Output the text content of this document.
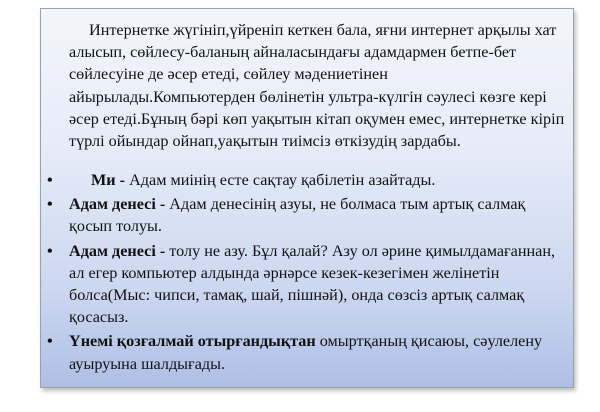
Интернетке жүгініп,үйреніп кеткен бала, яғни интернет арқылы хат алысып, сөйлесу-баланың айналасындағы адамдармен бетпе-бет сөйлесуіне де әсер етеді, сөйлеу мәдениетінен айырылады.Компьютерден бөлінетін ультра-күлгін сәулесі көзге кері әсер етеді.Бұның бәрі көп уақытын кітап оқумен емес, интернетке кіріп түрлі ойындар ойнап,уақытын тиімсіз өткізудің зардабы.

• Ми - Адам миінің есте сақтау қабілетін азайтады.
• Адам денесі - Адам денесінің азуы, не болмаса тым артық салмақ қосып толуы.
• Адам денесі - толу не азу. Бұл қалай? Азу ол әрине қимылдамағаннан, ал егер компьютер алдында әрнәрсе кезек-кезегімен желінетін болса(Мыс: чипси, тамақ, шай, пішнәй), онда сөзсіз артық салмақ қосасыз.
• Үнемі қозғалмай отырғандықтан омыртқаның қисаюы, сәулелену ауыруына шалдығады.
